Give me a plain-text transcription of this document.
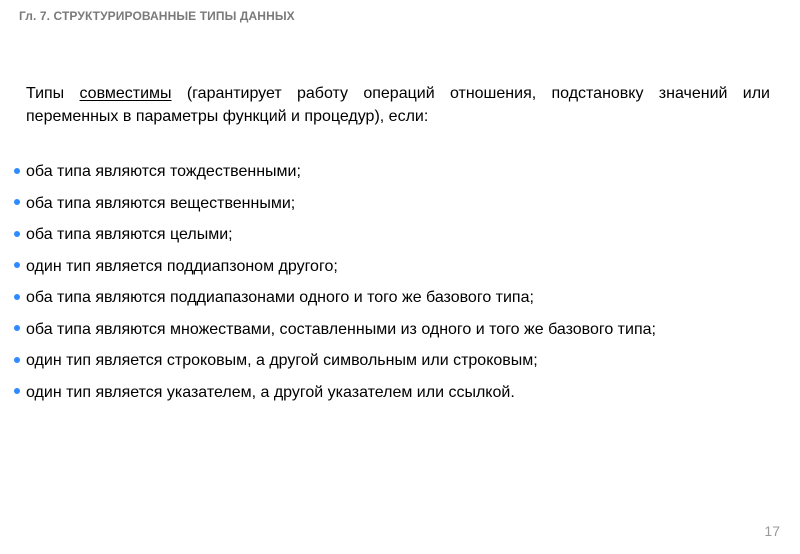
Гл. 7. СТРУКТУРИРОВАННЫЕ ТИПЫ ДАННЫХ

Типы совместимы (гарантирует работу операций отношения, подстановку значений или переменных в параметры функций и процедур), если:

оба типа являются тождественными;
оба типа являются вещественными;
оба типа являются целыми;
один тип является поддиапзоном другого;
оба типа являются поддиапазонами одного и того же базового типа;
оба типа являются множествами, составленными из одного и того же базового типа;
один тип является строковым, а другой символьным или строковым;
один тип является указателем, а другой указателем или ссылкой.
17
